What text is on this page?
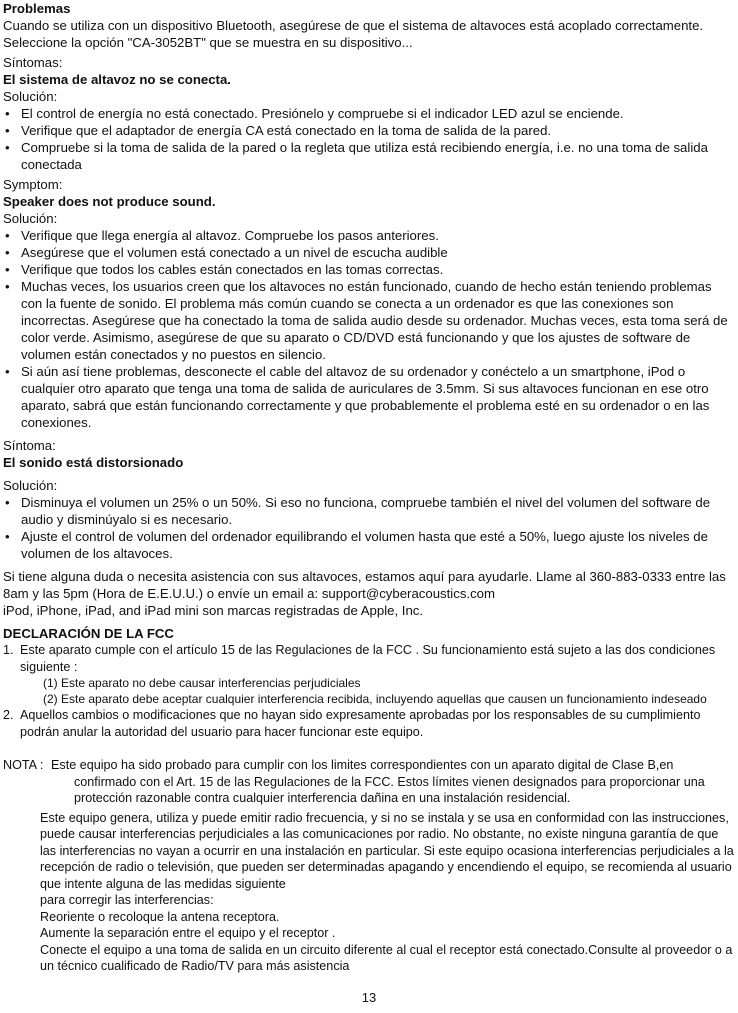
Problemas

Cuando se utiliza con un dispositivo Bluetooth, asegúrese de que el sistema de altavoces está acoplado correctamente. Seleccione la opción "CA-3052BT" que se muestra en su dispositivo...

Síntomas:

El sistema de altavoz no se conecta.

Solución:

• El control de energía no está conectado. Presiónelo y compruebe si el indicador LED azul se enciende.
• Verifique que el adaptador de energía CA está conectado en la toma de salida de la pared.
• Compruebe si la toma de salida de la pared o la regleta que utiliza está recibiendo energía, i.e. no una toma de salida conectada

Symptom:

Speaker does not produce sound.

Solución:

• Verifique que llega energía al altavoz. Compruebe los pasos anteriores.
• Asegúrese que el volumen está conectado a un nivel de escucha audible
• Verifique que todos los cables están conectados en las tomas correctas.
• Muchas veces, los usuarios creen que los altavoces no están funcionado, cuando de hecho están teniendo problemas con la fuente de sonido. El problema más común cuando se conecta a un ordenador es que las conexiones son incorrectas. Asegúrese que ha conectado la toma de salida audio desde su ordenador. Muchas veces, esta toma será de color verde. Asimismo, asegúrese de que su aparato o CD/DVD está funcionando y que los ajustes de software de volumen están conectados y no puestos en silencio.
• Si aún así tiene problemas, desconecte el cable del altavoz de su ordenador y conéctelo a un smartphone, iPod o cualquier otro aparato que tenga una toma de salida de auriculares de 3.5mm. Si sus altavoces funcionan en ese otro aparato, sabrá que están funcionando correctamente y que probablemente el problema esté en su ordenador o en las conexiones.

Síntoma:

El sonido está distorsionado

Solución:

• Disminuya el volumen un 25% o un 50%. Si eso no funciona, compruebe también el nivel del volumen del software de audio y disminúyalo si es necesario.
• Ajuste el control de volumen del ordenador equilibrando el volumen hasta que esté a 50%, luego ajuste los niveles de volumen de los altavoces.

Si tiene alguna duda o necesita asistencia con sus altavoces, estamos aquí para ayudarle. Llame al 360-883-0333 entre las 8am y las 5pm (Hora de E.E.U.U.) o envíe un email a: support@cyberacoustics.com

iPod, iPhone, iPad, and iPad mini son marcas registradas de Apple, Inc.

DECLARACIÓN DE LA FCC

1. Este aparato cumple con el artículo 15 de las Regulaciones de la FCC . Su funcionamiento está sujeto a las dos condiciones siguiente :

(1) Este aparato no debe causar interferencias perjudiciales

(2) Este aparato debe aceptar cualquier interferencia recibida, incluyendo aquellas que causen un funcionamiento indeseado

2. Aquellos cambios o modificaciones que no hayan sido expresamente aprobadas por los responsables de su cumplimiento podrán anular la autoridad del usuario para hacer funcionar este equipo.
NOTA : Este equipo ha sido probado para cumplir con los limites correspondientes con un aparato digital de Clase B,en

confirmado con el Art. 15 de las Regulaciones de la FCC. Estos límites vienen designados para proporcionar una protección razonable contra cualquier interferencia dañina en una instalación residencial.

Este equipo genera, utiliza y puede emitir radio frecuencia, y si no se instala y se usa en conformidad con las instrucciones, puede causar interferencias perjudiciales a las comunicaciones por radio. No obstante, no existe ninguna garantía de que las interferencias no vayan a ocurrir en una instalación en particular. Si este equipo ocasiona interferencias perjudiciales a la recepción de radio o televisión, que pueden ser determinadas apagando y encendiendo el equipo, se recomienda al usuario que intente alguna de las medidas siguiente

para corregir las interferencias:

Reoriente o recoloque la antena receptora.

Aumente la separación entre el equipo y el receptor .

Conecte el equipo a una toma de salida en un circuito diferente al cual el receptor está conectado.Consulte al proveedor o a un técnico cualificado de Radio/TV para más asistencia

13
